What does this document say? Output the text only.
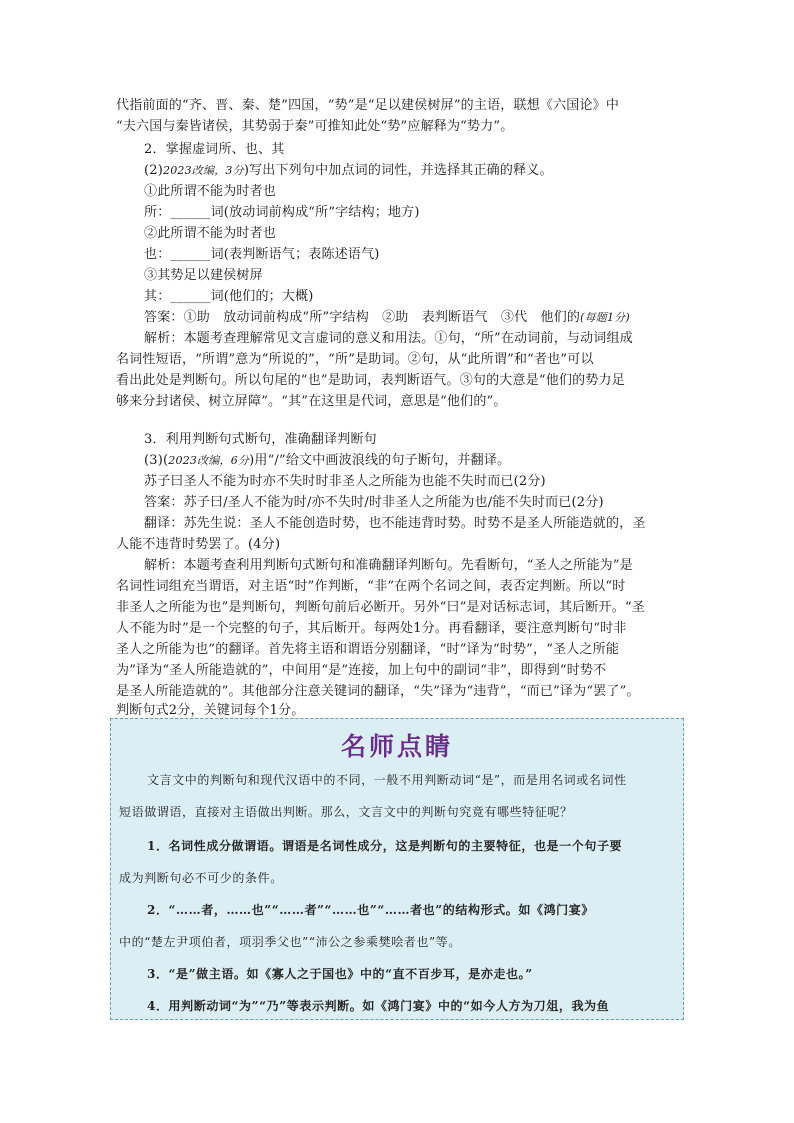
代指前面的“齐、晋、秦、楚”四国，“势”是“足以建侯树屏”的主语，联想《六国论》中
“夫六国与秦皆诸侯，其势弱于秦”可推知此处“势”应解释为“势力”。
2．掌握虚词所、也、其
(2)2023改编，3分)写出下列句中加点词的词性，并选择其正确的释义。
①此所谓不能为时者也
所：______词(放动词前构成“所”字结构；地方)
②此所谓不能为时者也
也：______词(表判断语气；表陈述语气)
③其势足以建侯树屏
其：______词(他们的；大概)
答案：①助　放动词前构成“所”字结构　②助　表判断语气　③代　他们的(每题1分)
解析：本题考查理解常见文言虚词的意义和用法。①句，“所”在动词前，与动词组成
名词性短语，“所谓”意为“所说的”，“所”是助词。②句，从“此所谓”和“者也”可以
看出此处是判断句。所以句尾的“也”是助词，表判断语气。③句的大意是“他们的势力足
够来分封诸侯、树立屏障”。“其”在这里是代词，意思是“他们的”。
3．利用判断句式断句，准确翻译判断句
(3)(2023改编，6分)用“/”给文中画波浪线的句子断句，并翻译。
苏子曰圣人不能为时亦不失时时非圣人之所能为也能不失时而已(2分)
答案：苏子曰/圣人不能为时/亦不失时/时非圣人之所能为也/能不失时而已(2分)
翻译：苏先生说：圣人不能创造时势，也不能违背时势。时势不是圣人所能造就的，圣
人能不违背时势罢了。(4分)
解析：本题考查利用判断句式断句和准确翻译判断句。先看断句，“圣人之所能为”是
名词性词组充当谓语，对主语“时”作判断，“非”在两个名词之间，表否定判断。所以“时
非圣人之所能为也”是判断句，判断句前后必断开。另外“曰”是对话标志词，其后断开。“圣
人不能为时”是一个完整的句子，其后断开。每两处1分。再看翻译，要注意判断句“时非
圣人之所能为也”的翻译。首先将主语和谓语分别翻译，“时”译为“时势”，“圣人之所能
为”译为“圣人所能造就的”，中间用“是”连接，加上句中的副词“非”，即得到“时势不
是圣人所能造就的”。其他部分注意关键词的翻译，“失”译为“违背”，“而已”译为“罢了”。
判断句式2分，关键词每个1分。
名师点睛
文言文中的判断句和现代汉语中的不同，一般不用判断动词“是”，而是用名词或名词性
短语做谓语，直接对主语做出判断。那么，文言文中的判断句究竟有哪些特征呢？
1．名词性成分做谓语。谓语是名词性成分，这是判断句的主要特征，也是一个句子要
成为判断句必不可少的条件。
2．“……者，……也”“……者”“……也”“……者也”的结构形式。如《鸿门宴》
中的“楚左尹项伯者，项羽季父也”“沛公之参乘樊哙者也”等。
3．“是”做主语。如《寡人之于国也》中的“直不百步耳，是亦走也。”
4．用判断动词“为”“乃”等表示判断。如《鸿门宴》中的“如今人方为刀俎，我为鱼
